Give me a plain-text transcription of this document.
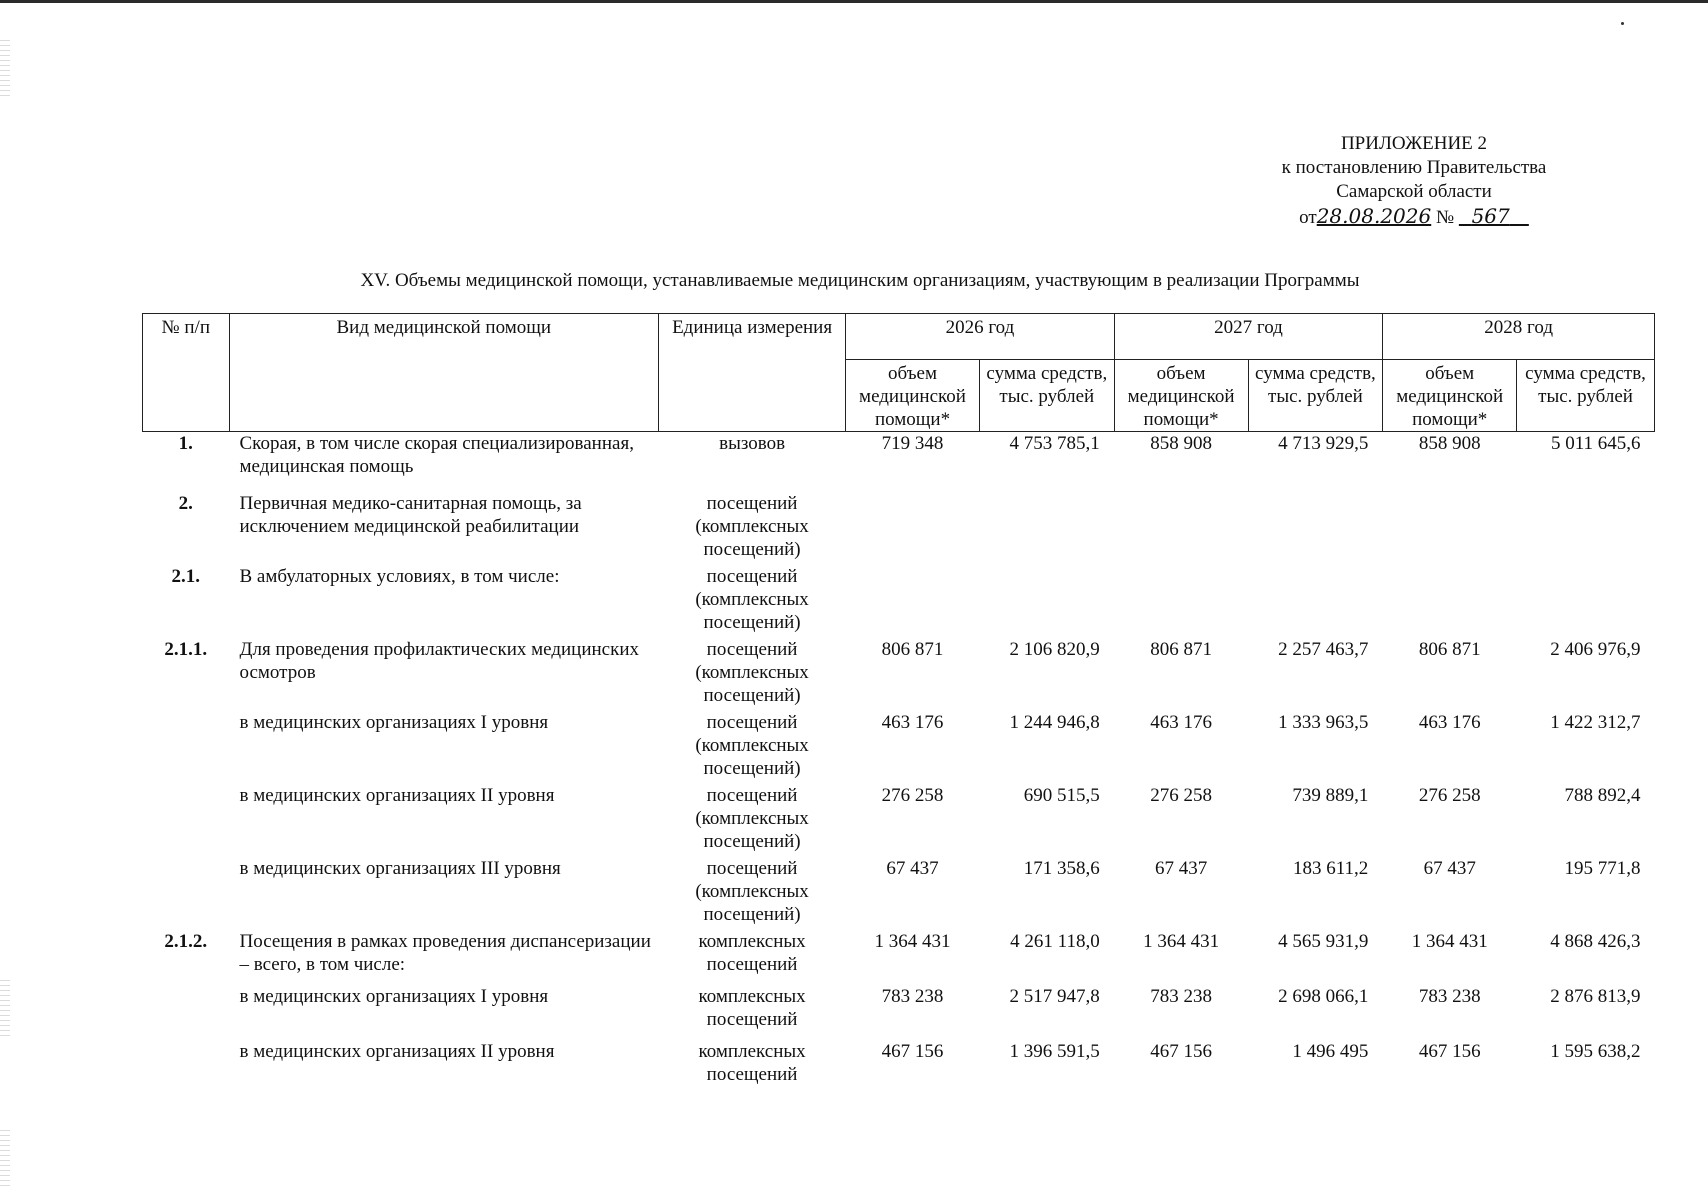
ПРИЛОЖЕНИЕ 2
к постановлению Правительства
Самарской области
от28.08.2026 № 567
XV. Объемы медицинской помощи, устанавливаемые медицинским организациям, участвующим в реализации Программы
№ п/п	Вид медицинской помощи	Единица измерения	2026 год		2027 год		2028 год	
			объем медицинской помощи*	сумма средств, тыс. рублей	объем медицинской помощи*	сумма средств, тыс. рублей	объем медицинской помощи*	сумма средств, тыс. рублей
1.	Скорая, в том числе скорая специализированная, медицинская помощь	вызовов	719 348	4 753 785,1	858 908	4 713 929,5	858 908	5 011 645,6
2.	Первичная медико-санитарная помощь, за исключением медицинской реабилитации	посещений (комплексных посещений)						
2.1.	В амбулаторных условиях, в том числе:	посещений (комплексных посещений)						
2.1.1.	Для проведения профилактических медицинских осмотров	посещений (комплексных посещений)	806 871	2 106 820,9	806 871	2 257 463,7	806 871	2 406 976,9
	в медицинских организациях I уровня	посещений (комплексных посещений)	463 176	1 244 946,8	463 176	1 333 963,5	463 176	1 422 312,7
	в медицинских организациях II уровня	посещений (комплексных посещений)	276 258	690 515,5	276 258	739 889,1	276 258	788 892,4
	в медицинских организациях III уровня	посещений (комплексных посещений)	67 437	171 358,6	67 437	183 611,2	67 437	195 771,8
2.1.2.	Посещения в рамках проведения диспансеризации – всего, в том числе:	комплексных посещений	1 364 431	4 261 118,0	1 364 431	4 565 931,9	1 364 431	4 868 426,3
	в медицинских организациях I уровня	комплексных посещений	783 238	2 517 947,8	783 238	2 698 066,1	783 238	2 876 813,9
	в медицинских организациях II уровня	комплексных посещений	467 156	1 396 591,5	467 156	1 496 495	467 156	1 595 638,2
